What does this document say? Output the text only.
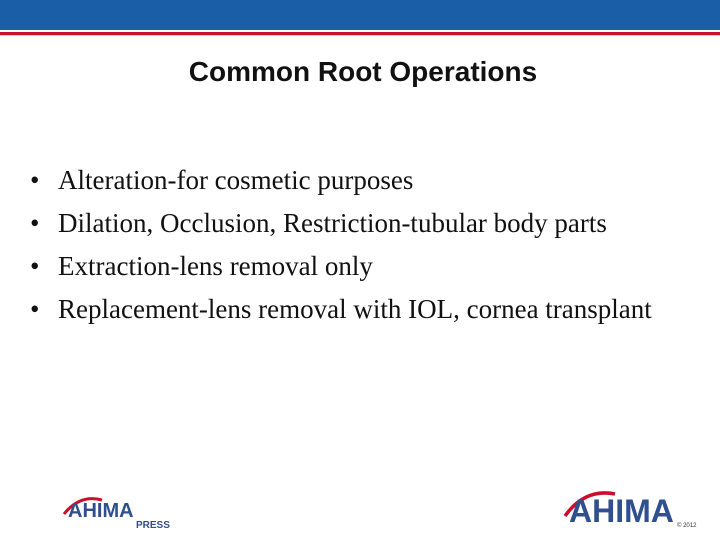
Common Root Operations
• Alteration-for cosmetic purposes
• Dilation, Occlusion, Restriction-tubular body parts
• Extraction-lens removal only
• Replacement-lens removal with IOL, cornea transplant
AHIMA
PRESS	AHIMA © 2012
